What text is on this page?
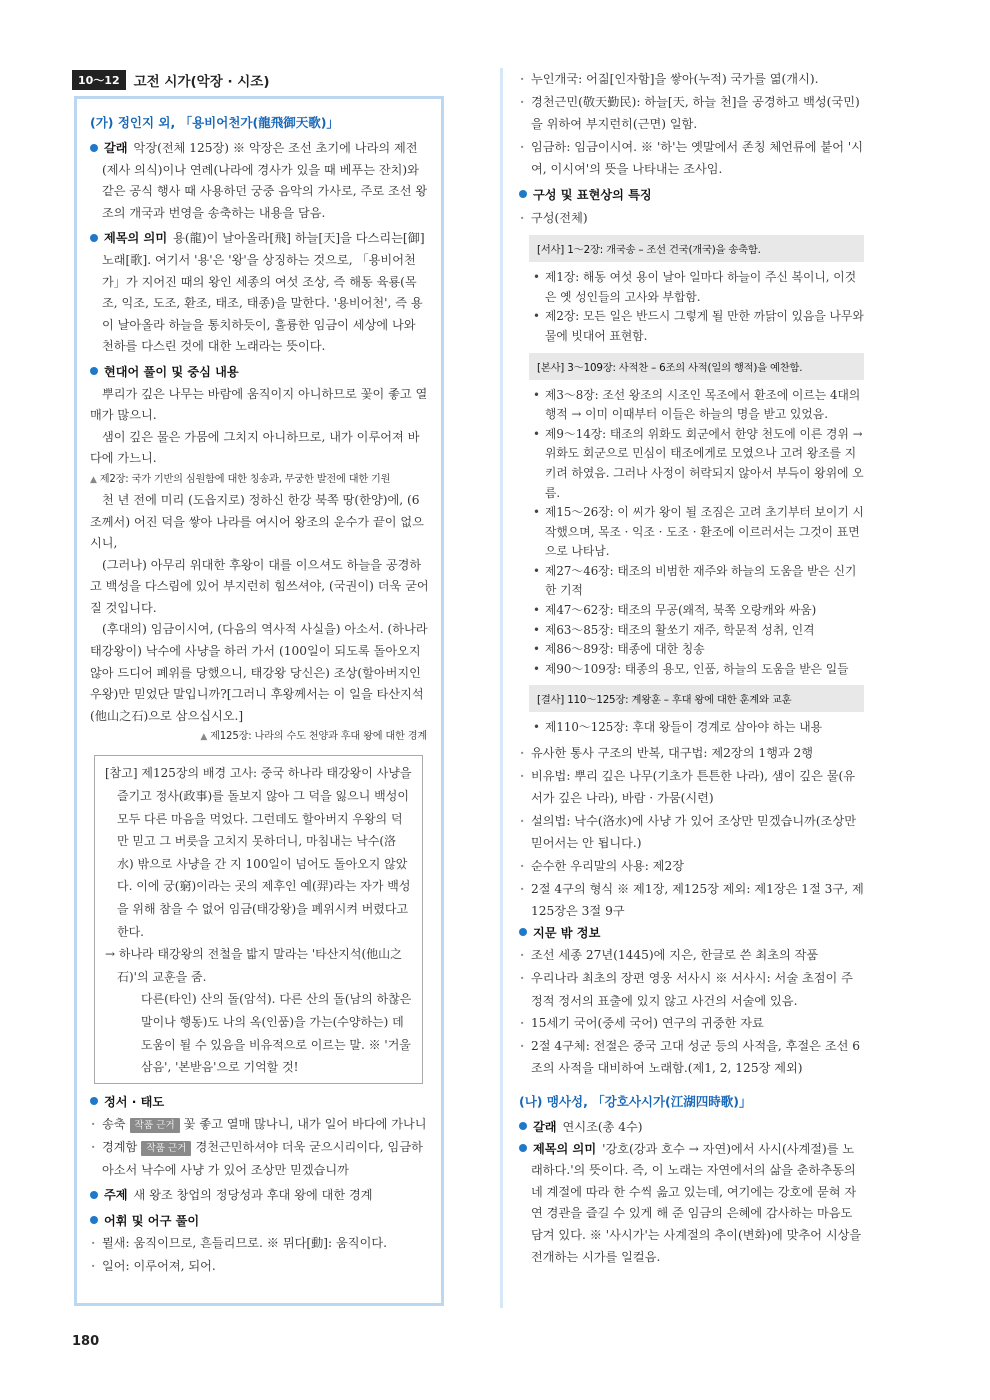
10～12	고전 시가(악장 · 시조)
(가) 정인지 외, 「용비어천가(龍飛御天歌)」
갈래 악장(전체 125장) ※ 악장은 조선 초기에 나라의 제전(제사 의식)이나 연례(나라에 경사가 있을 때 베푸는 잔치)와 같은 공식 행사 때 사용하던 궁중 음악의 가사로, 주로 조선 왕조의 개국과 번영을 송축하는 내용을 담음.
제목의 의미 용(龍)이 날아올라[飛] 하늘[天]을 다스리는[御] 노래[歌]. 여기서 '용'은 '왕'을 상징하는 것으로, 「용비어천가」가 지어진 때의 왕인 세종의 여섯 조상, 즉 해동 육룡(목조, 익조, 도조, 환조, 태조, 태종)을 말한다. '용비어천', 즉 용이 날아올라 하늘을 통치하듯이, 훌륭한 임금이 세상에 나와 천하를 다스린 것에 대한 노래라는 뜻이다.
현대어 풀이 및 중심 내용
뿌리가 깊은 나무는 바람에 움직이지 아니하므로 꽃이 좋고 열매가 많으니.
샘이 깊은 물은 가뭄에 그치지 아니하므로, 내가 이루어져 바다에 가느니.
▲ 제2장: 국가 기반의 심원함에 대한 칭송과, 무궁한 발전에 대한 기원
천 년 전에 미리 (도읍지로) 정하신 한강 북쪽 땅(한양)에, (6조께서) 어진 덕을 쌓아 나라를 여시어 왕조의 운수가 끝이 없으시니,
(그러나) 아무리 위대한 후왕이 대를 이으셔도 하늘을 공경하고 백성을 다스림에 있어 부지런히 힘쓰셔야, (국권이) 더욱 굳어질 것입니다.
(후대의) 임금이시여, (다음의 역사적 사실을) 아소서. (하나라 태강왕이) 낙수에 사냥을 하러 가서 (100일이 되도록 돌아오지 않아 드디어 폐위를 당했으니, 태강왕 당신은) 조상(할아버지인 우왕)만 믿었단 말입니까?[그러니 후왕께서는 이 일을 타산지석(他山之石)으로 삼으십시오.]
▲ 제125장: 나라의 수도 천양과 후대 왕에 대한 경계
[참고] 제125장의 배경 고사: 중국 하나라 태강왕이 사냥을 즐기고 정사(政事)를 돌보지 않아 그 덕을 잃으니 백성이 모두 다른 마음을 먹었다. 그런데도 할아버지 우왕의 덕만 믿고 그 버릇을 고치지 못하더니, 마침내는 낙수(洛水) 밖으로 사냥을 간 지 100일이 넘어도 돌아오지 않았다. 이에 궁(窮)이라는 곳의 제후인 예(羿)라는 자가 백성을 위해 참을 수 없어 임금(태강왕)을 폐위시켜 버렸다고 한다.
→ 하나라 태강왕의 전철을 밟지 말라는 '타산지석(他山之石)'의 교훈을 줌.
다른(타인) 산의 돌(암석). 다른 산의 돌(남의 하찮은 말이나 행동)도 나의 옥(인품)을 가는(수양하는) 데 도움이 될 수 있음을 비유적으로 이르는 말. ※ '거울삼음', '본받음'으로 기억할 것!
정서 · 태도
· 송축 작품 근거 꽃 좋고 열매 많나니, 내가 일어 바다에 가나니
· 경계함 작품 근거 경천근민하셔야 더욱 굳으시리이다, 임금하 아소서 낙수에 사냥 가 있어 조상만 믿겠습니까
주제 새 왕조 창업의 정당성과 후대 왕에 대한 경계
어휘 및 어구 풀이
· 뮐새: 움직이므로, 흔들리므로. ※ 뮈다[動]: 움직이다.
· 일어: 이루어져, 되어.
· 누인개국: 어짊[인자함]을 쌓아(누적) 국가를 엶(개시).
· 경천근민(敬天勤民): 하늘[天, 하늘 천]을 공경하고 백성(국민)을 위하여 부지런히(근면) 일함.
· 임금하: 임금이시여. ※ '하'는 옛말에서 존칭 체언류에 붙어 '시여, 이시여'의 뜻을 나타내는 조사임.
구성 및 표현상의 특징
· 구성(전체)
[서사] 1～2장: 개국송 – 조선 건국(개국)을 송축함.
• 제1장: 해동 여섯 용이 날아 일마다 하늘이 주신 복이니, 이것은 옛 성인들의 고사와 부합함.
• 제2장: 모든 일은 반드시 그렇게 될 만한 까닭이 있음을 나무와 물에 빗대어 표현함.
[본사] 3～109장: 사적찬 – 6조의 사적(일의 행적)을 예찬함.
• 제3～8장: 조선 왕조의 시조인 목조에서 환조에 이르는 4대의 행적 → 이미 이때부터 이들은 하늘의 명을 받고 있었음.
• 제9～14장: 태조의 위화도 회군에서 한양 천도에 이른 경위 → 위화도 회군으로 민심이 태조에게로 모였으나 고려 왕조를 지키려 하였음. 그러나 사정이 허락되지 않아서 부득이 왕위에 오름.
• 제15～26장: 이 씨가 왕이 될 조짐은 고려 초기부터 보이기 시작했으며, 목조 · 익조 · 도조 · 환조에 이르러서는 그것이 표면으로 나타남.
• 제27～46장: 태조의 비범한 재주와 하늘의 도움을 받은 신기한 기적
• 제47～62장: 태조의 무공(왜적, 북쪽 오랑캐와 싸움)
• 제63～85장: 태조의 활쏘기 재주, 학문적 성취, 인격
• 제86～89장: 태종에 대한 칭송
• 제90～109장: 태종의 용모, 인품, 하늘의 도움을 받은 일들
[결사] 110～125장: 계왕훈 – 후대 왕에 대한 훈계와 교훈
• 제110～125장: 후대 왕들이 경계로 삼아야 하는 내용
· 유사한 통사 구조의 반복, 대구법: 제2장의 1행과 2행
· 비유법: 뿌리 깊은 나무(기초가 튼튼한 나라), 샘이 깊은 물(유서가 깊은 나라), 바람 · 가뭄(시련)
· 설의법: 낙수(洛水)에 사냥 가 있어 조상만 믿겠습니까(조상만 믿어서는 안 됩니다.)
· 순수한 우리말의 사용: 제2장
· 2절 4구의 형식 ※ 제1장, 제125장 제외: 제1장은 1절 3구, 제125장은 3절 9구
지문 밖 정보
· 조선 세종 27년(1445)에 지은, 한글로 쓴 최초의 작품
· 우리나라 최초의 장편 영웅 서사시 ※ 서사시: 서술 초점이 주정적 정서의 표출에 있지 않고 사건의 서술에 있음.
· 15세기 국어(중세 국어) 연구의 귀중한 자료
· 2절 4구체: 전절은 중국 고대 성군 등의 사적을, 후절은 조선 6조의 사적을 대비하여 노래함.(제1, 2, 125장 제외)
(나) 맹사성, 「강호사시가(江湖四時歌)」
갈래 연시조(총 4수)
제목의 의미 '강호(강과 호수 → 자연)에서 사시(사계절)를 노래하다.'의 뜻이다. 즉, 이 노래는 자연에서의 삶을 춘하추동의 네 계절에 따라 한 수씩 읊고 있는데, 여기에는 강호에 묻혀 자연 경관을 즐길 수 있게 해 준 임금의 은혜에 감사하는 마음도 담겨 있다. ※ '사시가'는 사계절의 추이(변화)에 맞추어 시상을 전개하는 시가를 일컬음.
180
